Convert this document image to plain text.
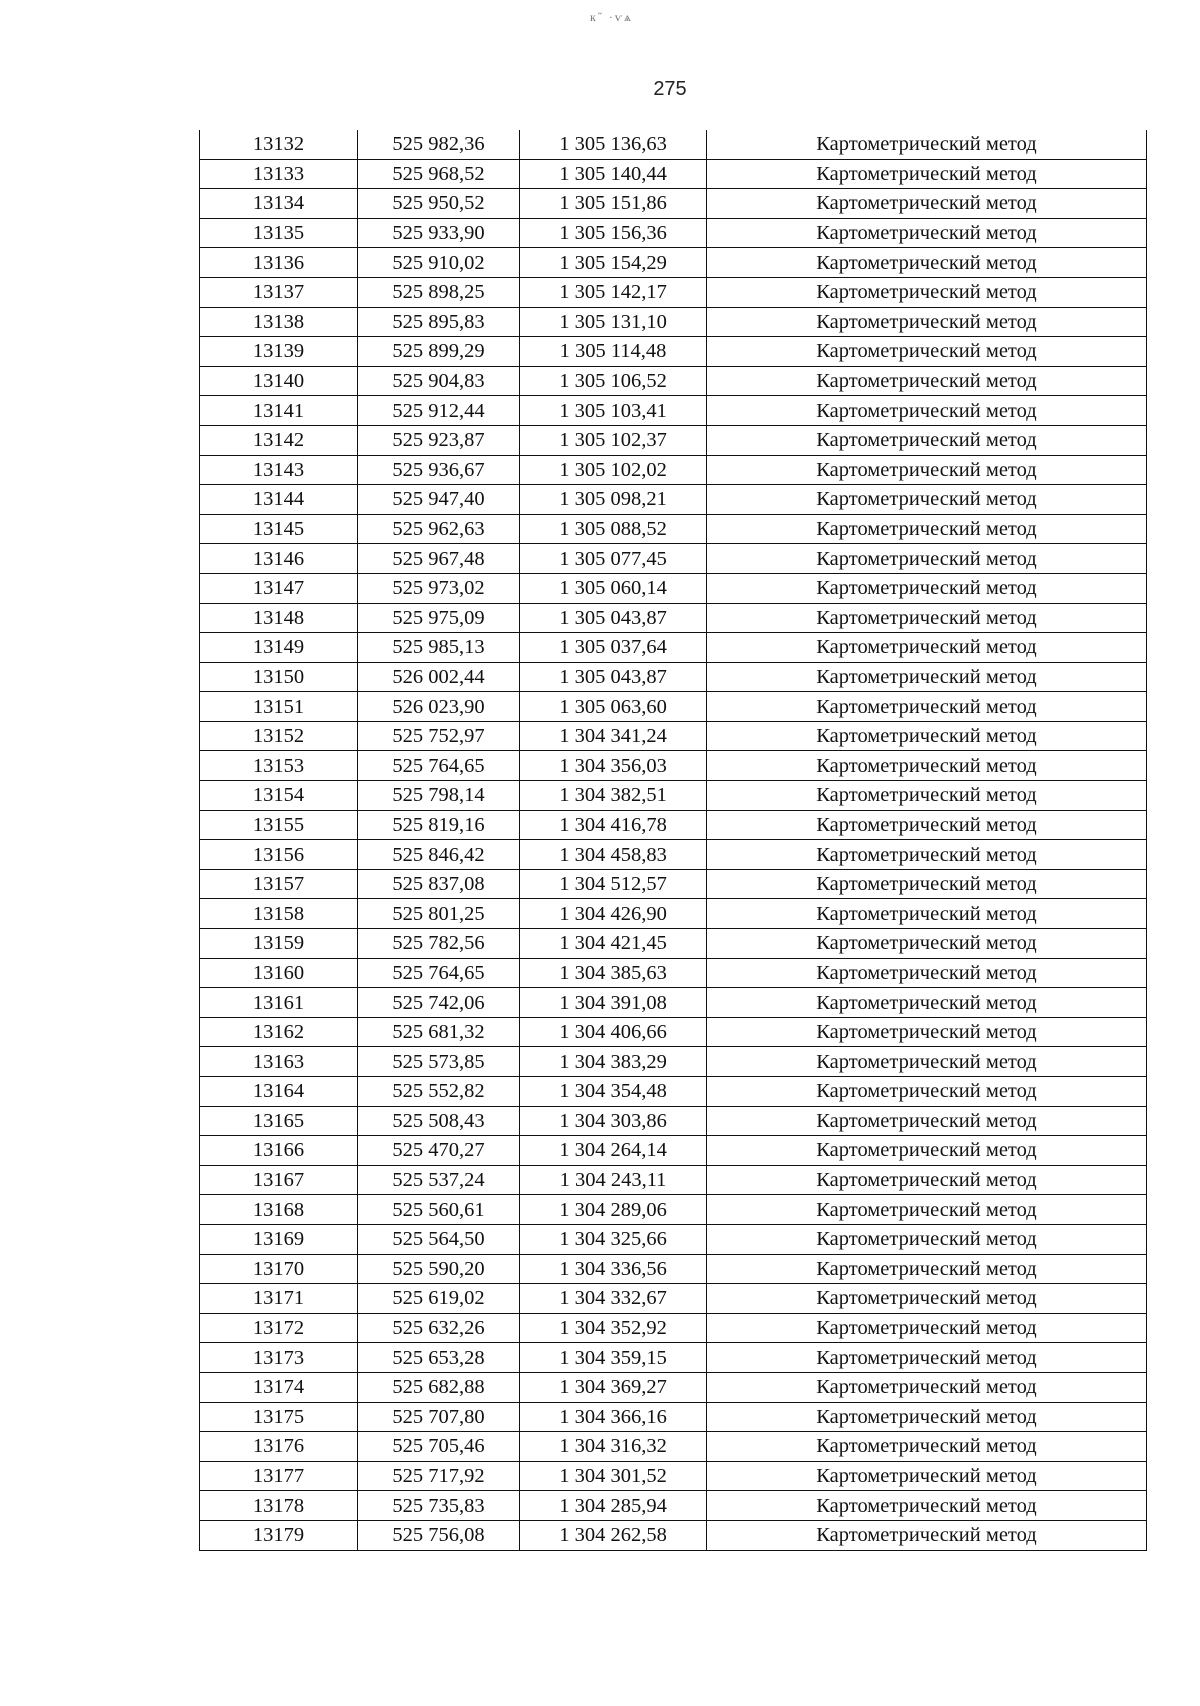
к˝ ·ѵѧ
275
13132	525 982,36	1 305 136,63	Картометрический метод
13133	525 968,52	1 305 140,44	Картометрический метод
13134	525 950,52	1 305 151,86	Картометрический метод
13135	525 933,90	1 305 156,36	Картометрический метод
13136	525 910,02	1 305 154,29	Картометрический метод
13137	525 898,25	1 305 142,17	Картометрический метод
13138	525 895,83	1 305 131,10	Картометрический метод
13139	525 899,29	1 305 114,48	Картометрический метод
13140	525 904,83	1 305 106,52	Картометрический метод
13141	525 912,44	1 305 103,41	Картометрический метод
13142	525 923,87	1 305 102,37	Картометрический метод
13143	525 936,67	1 305 102,02	Картометрический метод
13144	525 947,40	1 305 098,21	Картометрический метод
13145	525 962,63	1 305 088,52	Картометрический метод
13146	525 967,48	1 305 077,45	Картометрический метод
13147	525 973,02	1 305 060,14	Картометрический метод
13148	525 975,09	1 305 043,87	Картометрический метод
13149	525 985,13	1 305 037,64	Картометрический метод
13150	526 002,44	1 305 043,87	Картометрический метод
13151	526 023,90	1 305 063,60	Картометрический метод
13152	525 752,97	1 304 341,24	Картометрический метод
13153	525 764,65	1 304 356,03	Картометрический метод
13154	525 798,14	1 304 382,51	Картометрический метод
13155	525 819,16	1 304 416,78	Картометрический метод
13156	525 846,42	1 304 458,83	Картометрический метод
13157	525 837,08	1 304 512,57	Картометрический метод
13158	525 801,25	1 304 426,90	Картометрический метод
13159	525 782,56	1 304 421,45	Картометрический метод
13160	525 764,65	1 304 385,63	Картометрический метод
13161	525 742,06	1 304 391,08	Картометрический метод
13162	525 681,32	1 304 406,66	Картометрический метод
13163	525 573,85	1 304 383,29	Картометрический метод
13164	525 552,82	1 304 354,48	Картометрический метод
13165	525 508,43	1 304 303,86	Картометрический метод
13166	525 470,27	1 304 264,14	Картометрический метод
13167	525 537,24	1 304 243,11	Картометрический метод
13168	525 560,61	1 304 289,06	Картометрический метод
13169	525 564,50	1 304 325,66	Картометрический метод
13170	525 590,20	1 304 336,56	Картометрический метод
13171	525 619,02	1 304 332,67	Картометрический метод
13172	525 632,26	1 304 352,92	Картометрический метод
13173	525 653,28	1 304 359,15	Картометрический метод
13174	525 682,88	1 304 369,27	Картометрический метод
13175	525 707,80	1 304 366,16	Картометрический метод
13176	525 705,46	1 304 316,32	Картометрический метод
13177	525 717,92	1 304 301,52	Картометрический метод
13178	525 735,83	1 304 285,94	Картометрический метод
13179	525 756,08	1 304 262,58	Картометрический метод
